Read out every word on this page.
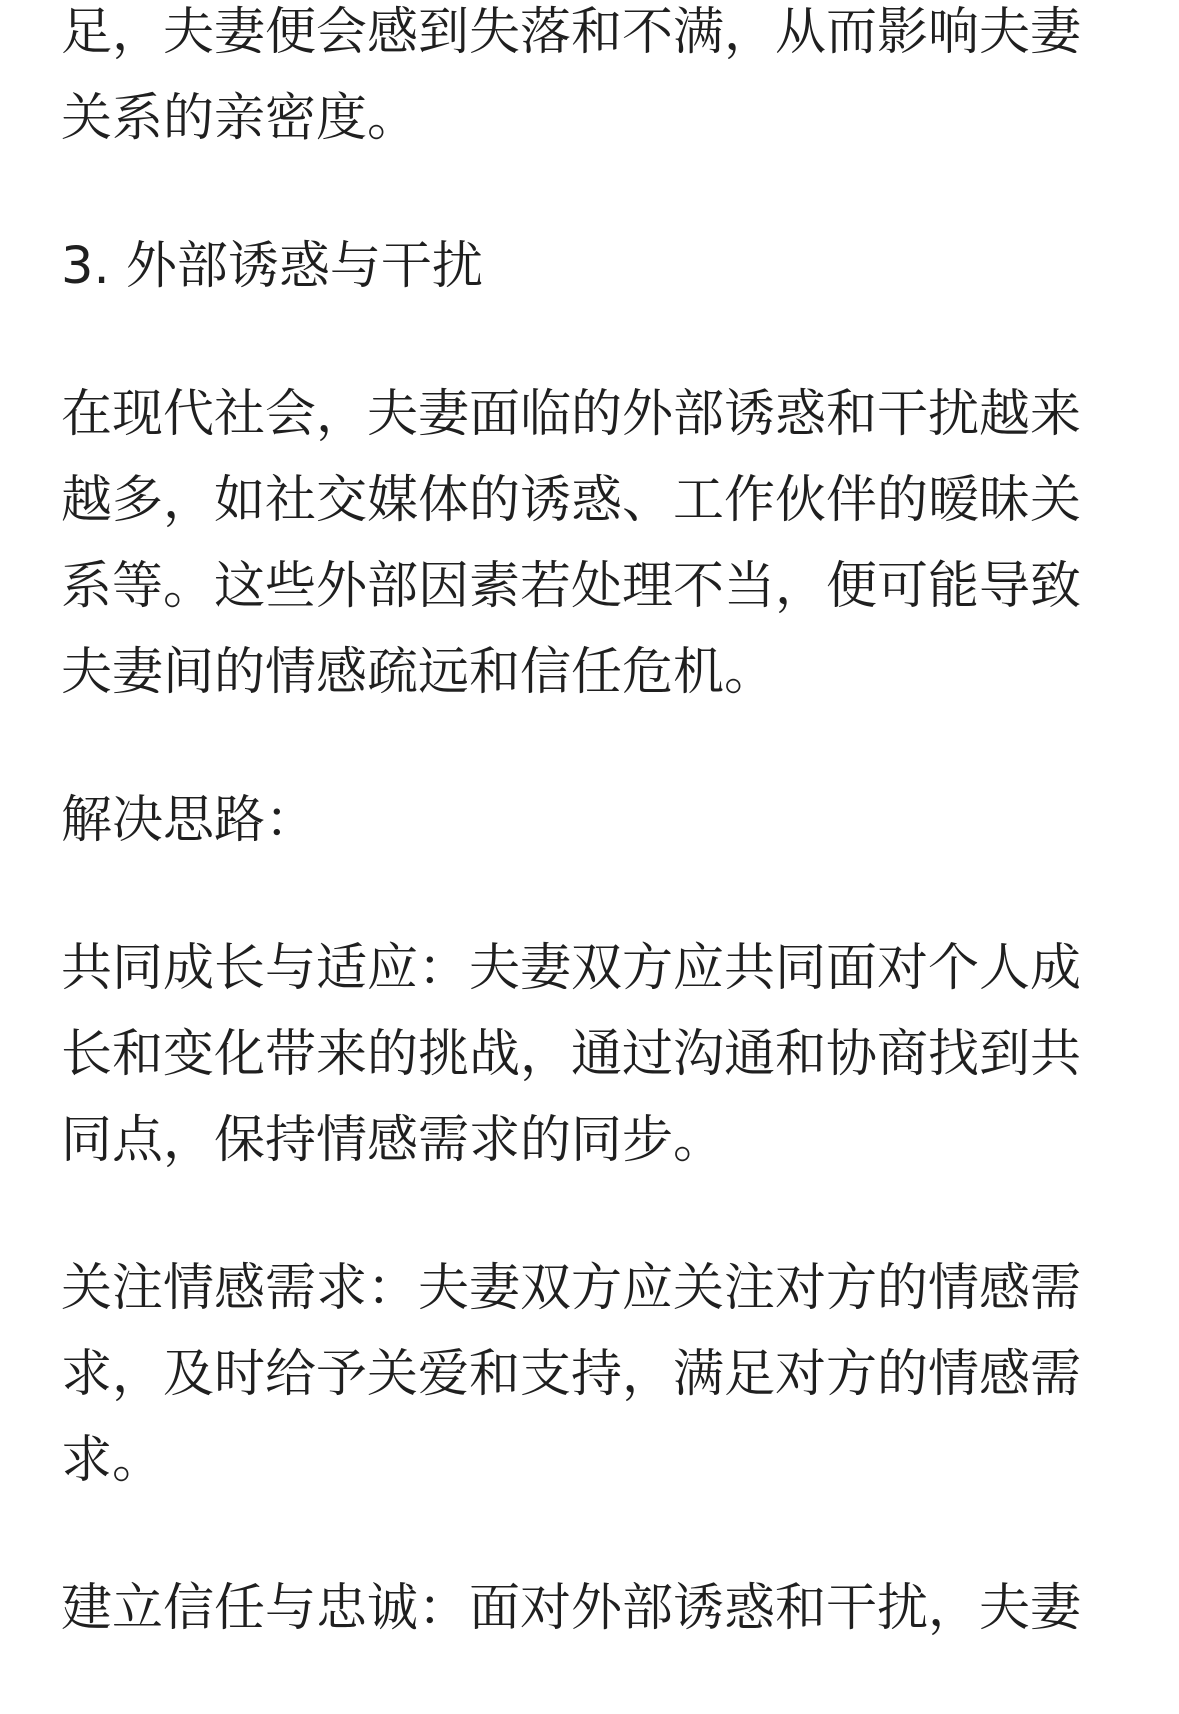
足，夫妻便会感到失落和不满，从而影响夫妻
关系的亲密度。

3. 外部诱惑与干扰

在现代社会，夫妻面临的外部诱惑和干扰越来
越多，如社交媒体的诱惑、工作伙伴的暧昧关
系等。这些外部因素若处理不当，便可能导致
夫妻间的情感疏远和信任危机。

解决思路：

共同成长与适应：夫妻双方应共同面对个人成
长和变化带来的挑战，通过沟通和协商找到共
同点，保持情感需求的同步。

关注情感需求：夫妻双方应关注对方的情感需
求，及时给予关爱和支持，满足对方的情感需
求。

建立信任与忠诚：面对外部诱惑和干扰，夫妻
